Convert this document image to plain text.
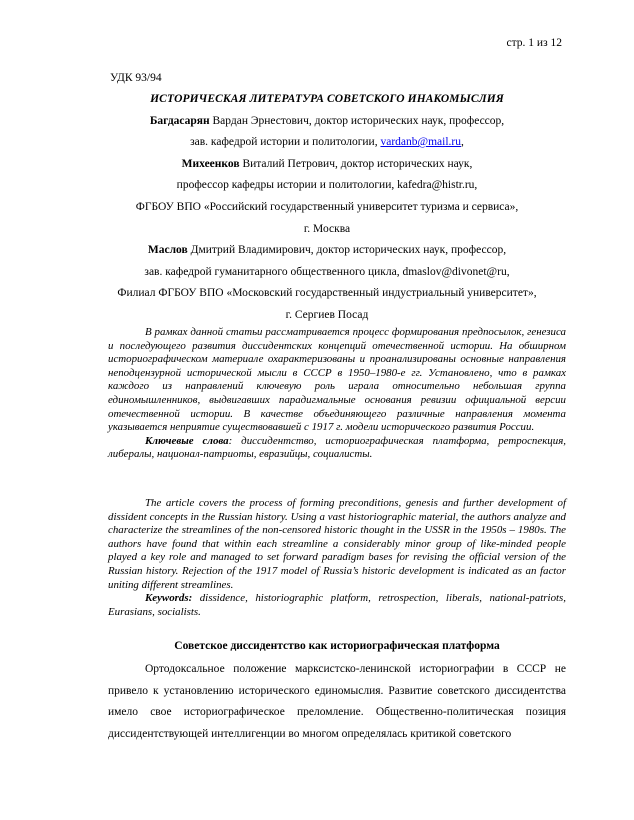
стр. 1 из 12
УДК 93/94
ИСТОРИЧЕСКАЯ ЛИТЕРАТУРА СОВЕТСКОГО ИНАКОМЫСЛИЯ
Багдасарян Вардан Эрнестович, доктор исторических наук, профессор,
зав. кафедрой истории и политологии, vardanb@mail.ru,
Михеенков Виталий Петрович, доктор исторических наук,
профессор кафедры истории и политологии, kafedra@histr.ru,
ФГБОУ ВПО «Российский государственный университет туризма и сервиса»,
г. Москва
Маслов Дмитрий Владимирович, доктор исторических наук, профессор,
зав. кафедрой гуманитарного общественного цикла, dmaslov@divonet@ru,
Филиал ФГБОУ ВПО «Московский государственный индустриальный университет»,
г. Сергиев Посад

В рамках данной статьи рассматривается процесс формирования предпосылок, генезиса и последующего развития диссидентских концепций отечественной истории. На обширном историографическом материале охарактеризованы и проанализированы основные направления неподцензурной исторической мысли в СССР в 1950–1980-е гг. Установлено, что в рамках каждого из направлений ключевую роль играла относительно небольшая группа единомышленников, выдвигавших парадигмальные основания ревизии официальной версии отечественной истории. В качестве объединяющего различные направления момента указывается неприятие существовавшей с 1917 г. модели исторического развития России.

Ключевые слова: диссидентство, историографическая платформа, ретроспекция, либералы, национал-патриоты, евразийцы, социалисты.

The article covers the process of forming preconditions, genesis and further development of dissident concepts in the Russian history. Using a vast historiographic material, the authors analyze and characterize the streamlines of the non-censored historic thought in the USSR in the 1950s – 1980s. The authors have found that within each streamline a considerably minor group of like-minded people played a key role and managed to set forward paradigm bases for revising the official version of the Russian history. Rejection of the 1917 model of Russia’s historic development is indicated as an factor uniting different streamlines.

Keywords: dissidence, historiographic platform, retrospection, liberals, national-patriots, Eurasians, socialists.

Советское диссидентство как историографическая платформа

Ортодоксальное положение марксистско-ленинской историографии в СССР не привело к установлению исторического единомыслия. Развитие советского диссидентства имело свое историографическое преломление. Общественно-политическая позиция диссидентствующей интеллигенции во многом определялась критикой советского
